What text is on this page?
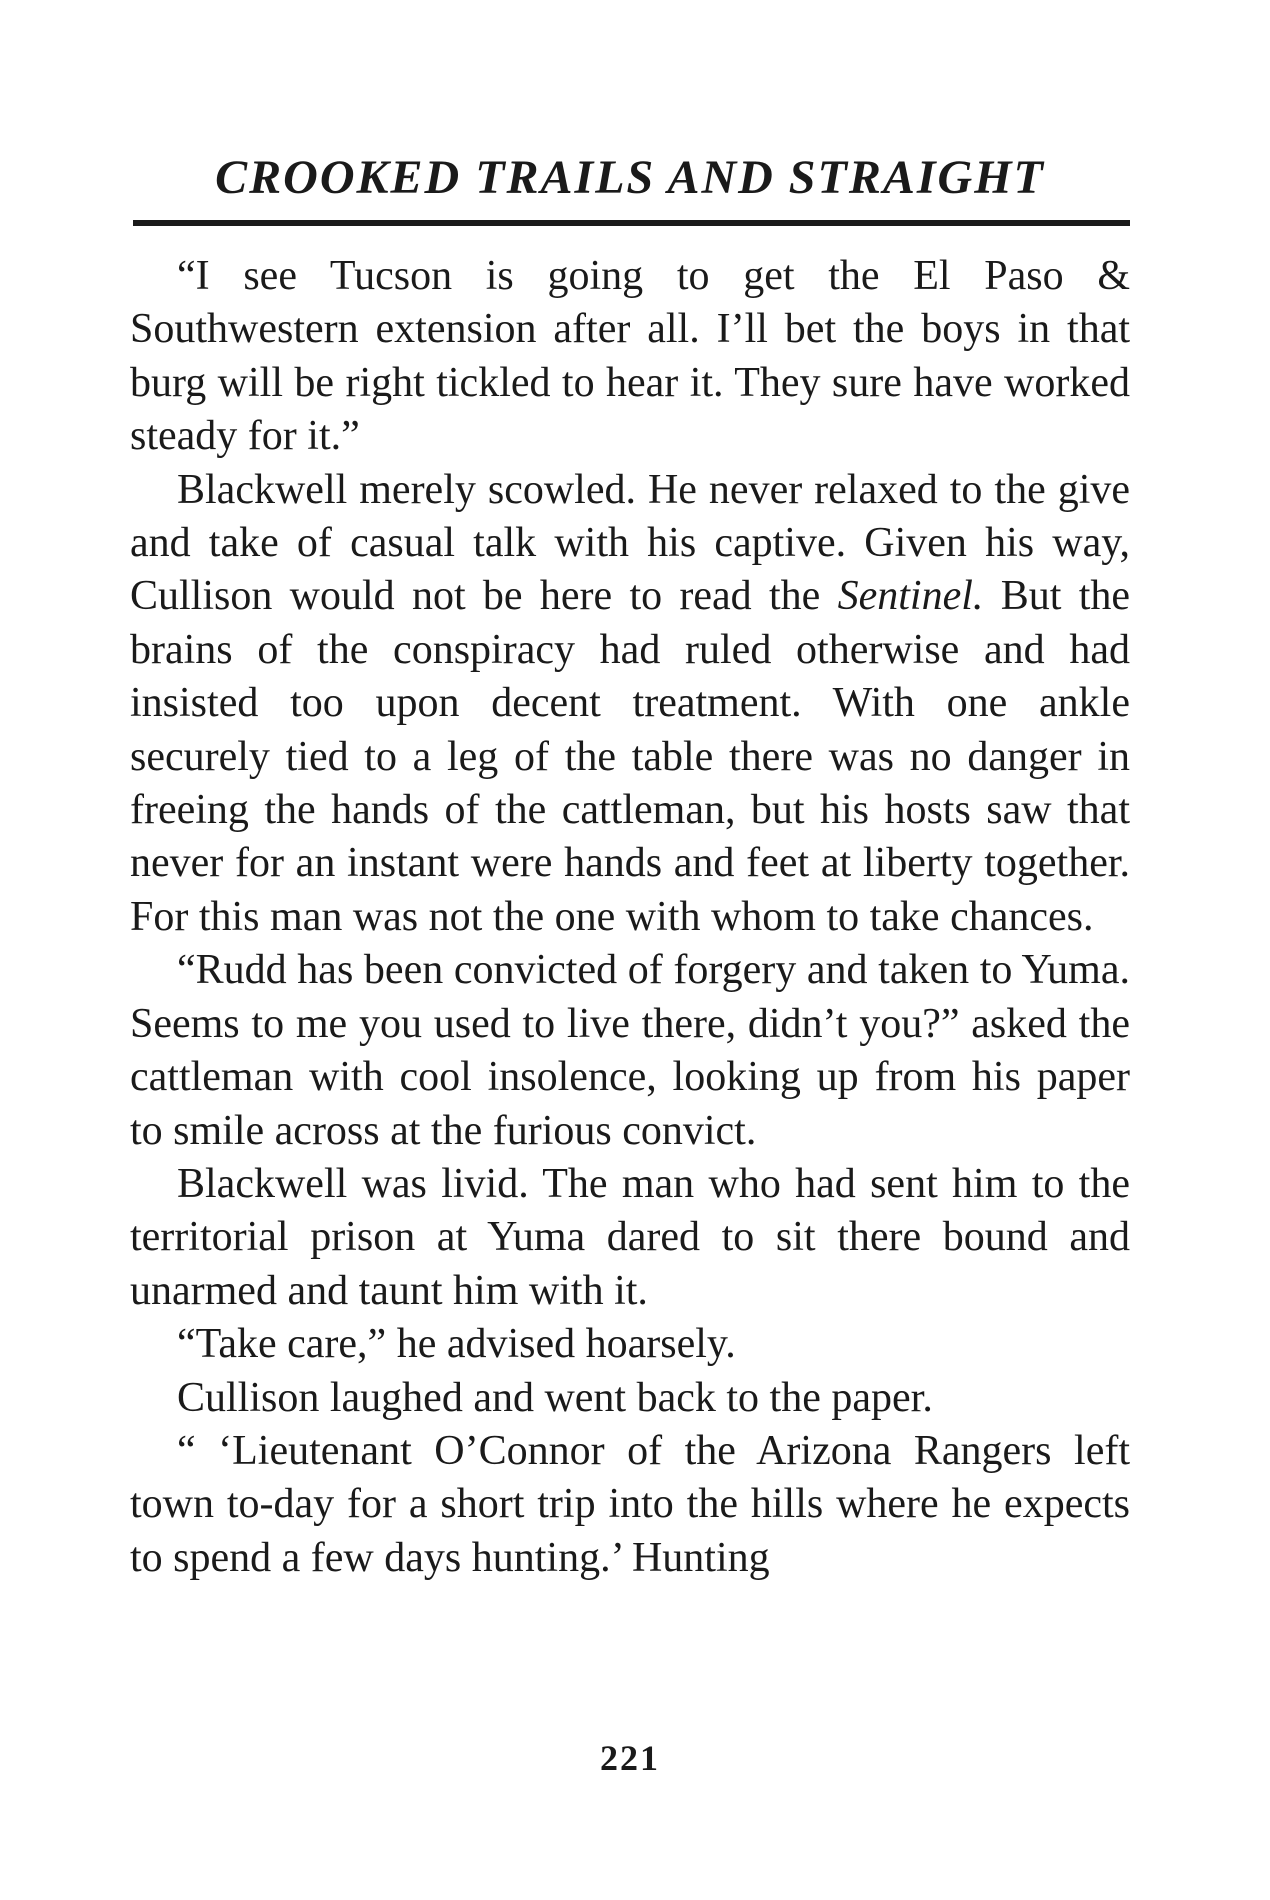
CROOKED TRAILS AND STRAIGHT

“I see Tucson is going to get the El Paso & Southwestern extension after all. I’ll bet the boys in that burg will be right tickled to hear it. They sure have worked steady for it.”

Blackwell merely scowled. He never relaxed to the give and take of casual talk with his captive. Given his way, Cullison would not be here to read the Sentinel. But the brains of the conspiracy had ruled otherwise and had insisted too upon decent treatment. With one ankle securely tied to a leg of the table there was no danger in freeing the hands of the cattleman, but his hosts saw that never for an instant were hands and feet at liberty together. For this man was not the one with whom to take chances.

“Rudd has been convicted of forgery and taken to Yuma. Seems to me you used to live there, didn’t you?” asked the cattleman with cool insolence, looking up from his paper to smile across at the furious convict.

Blackwell was livid. The man who had sent him to the territorial prison at Yuma dared to sit there bound and unarmed and taunt him with it.

“Take care,” he advised hoarsely.

Cullison laughed and went back to the paper.

“ ‘Lieutenant O’Connor of the Arizona Rangers left town to-day for a short trip into the hills where he expects to spend a few days hunting.’ Hunting

221
